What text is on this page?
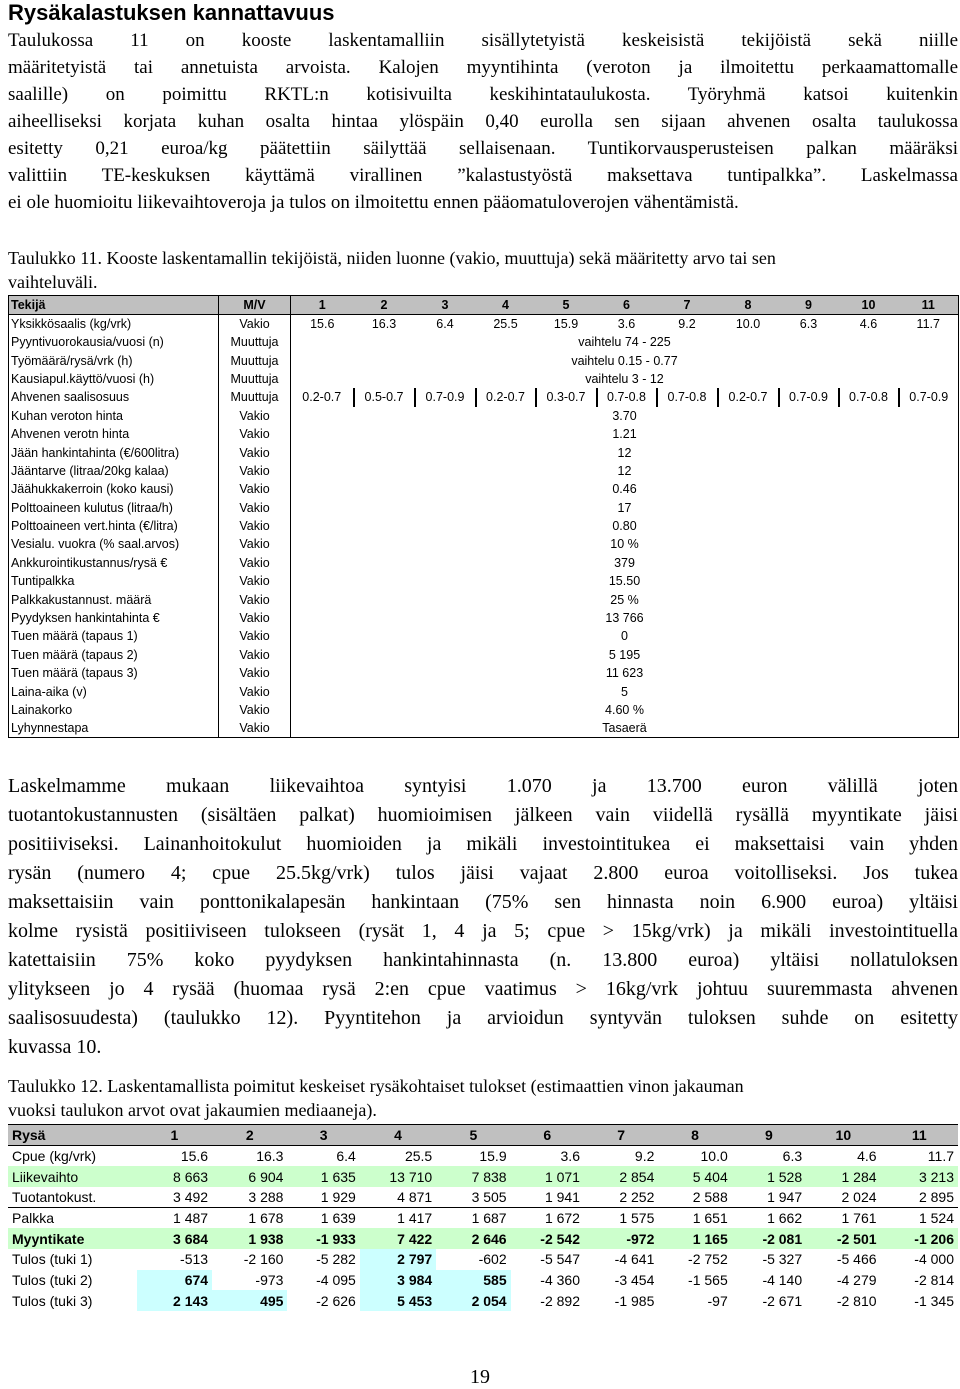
Rysäkalastuksen kannattavuus
Taulukossa 11 on kooste laskentamalliin sisällytetyistä keskeisistä tekijöistä sekä niille
määritetyistä tai annetuista arvoista. Kalojen myyntihinta (veroton ja ilmoitettu perkaamattomalle
saalille) on poimittu RKTL:n kotisivuilta keskihintataulukosta. Työryhmä katsoi kuitenkin
aiheelliseksi korjata kuhan osalta hintaa ylöspäin 0,40 eurolla sen sijaan ahvenen osalta taulukossa
esitetty 0,21 euroa/kg päätettiin säilyttää sellaisenaan. Tuntikorvausperusteisen palkan määräksi
valittiin TE-keskuksen käyttämä virallinen ”kalastustyöstä maksettava tuntipalkka”. Laskelmassa
ei ole huomioitu liikevaihtoveroja ja tulos on ilmoitettu ennen pääomatuloverojen vähentämistä.
Taulukko 11. Kooste laskentamallin tekijöistä, niiden luonne (vakio, muuttuja) sekä määritetty arvo tai sen
vaihteluväli.
Tekijä	M/V	1	2	3	4	5	6	7	8	9	10	11
Yksikkösaalis (kg/vrk)	Vakio	15.6	16.3	6.4	25.5	15.9	3.6	9.2	10.0	6.3	4.6	11.7
Pyyntivuorokausia/vuosi (n)	Muuttuja	vaihtelu 74 - 225										
Työmäärä/rysä/vrk (h)	Muuttuja	vaihtelu 0.15 - 0.77										
Kausiapul.käyttö/vuosi (h)	Muuttuja	vaihtelu 3 - 12										
Ahvenen saalisosuus	Muuttuja	0.2-0.7	0.5-0.7	0.7-0.9	0.2-0.7	0.3-0.7	0.7-0.8	0.7-0.8	0.2-0.7	0.7-0.9	0.7-0.8	0.7-0.9
Kuhan veroton hinta	Vakio	3.70										
Ahvenen verotn hinta	Vakio	1.21										
Jään hankintahinta (€/600litra)	Vakio	12										
Jääntarve (litraa/20kg kalaa)	Vakio	12										
Jäähukkakerroin (koko kausi)	Vakio	0.46										
Polttoaineen kulutus (litraa/h)	Vakio	17										
Polttoaineen vert.hinta (€/litra)	Vakio	0.80										
Vesialu. vuokra (% saal.arvos)	Vakio	10 %										
Ankkurointikustannus/rysä €	Vakio	379										
Tuntipalkka	Vakio	15.50										
Palkkakustannust. määrä	Vakio	25 %										
Pyydyksen hankintahinta €	Vakio	13 766										
Tuen määrä (tapaus 1)	Vakio	0										
Tuen määrä (tapaus 2)	Vakio	5 195										
Tuen määrä (tapaus 3)	Vakio	11 623										
Laina-aika (v)	Vakio	5										
Lainakorko	Vakio	4.60 %										
Lyhynnestapa	Vakio	Tasaerä										
Laskelmamme mukaan liikevaihtoa syntyisi 1.070 ja 13.700 euron välillä joten
tuotantokustannusten (sisältäen palkat) huomioimisen jälkeen vain viidellä rysällä myyntikate jäisi
positiiviseksi. Lainanhoitokulut huomioiden ja mikäli investointitukea ei maksettaisi vain yhden
rysän (numero 4; cpue 25.5kg/vrk) tulos jäisi vajaat 2.800 euroa voitolliseksi. Jos tukea
maksettaisiin vain ponttonikalapesän hankintaan (75% sen hinnasta noin 6.900 euroa) yltäisi
kolme rysistä positiiviseen tulokseen (rysät 1, 4 ja 5; cpue > 15kg/vrk) ja mikäli investointituella
katettaisiin 75% koko pyydyksen hankintahinnasta (n. 13.800 euroa) yltäisi nollatuloksen
ylitykseen jo 4 rysää (huomaa rysä 2:en cpue vaatimus > 16kg/vrk johtuu suuremmasta ahvenen
saalisosuudesta) (taulukko 12). Pyyntitehon ja arvioidun syntyvän tuloksen suhde on esitetty
kuvassa 10.
Taulukko 12. Laskentamallista poimitut keskeiset rysäkohtaiset tulokset (estimaattien vinon jakauman
vuoksi taulukon arvot ovat jakaumien mediaaneja).
Rysä	1	2	3	4	5	6	7	8	9	10	11
Cpue (kg/vrk)	15.6	16.3	6.4	25.5	15.9	3.6	9.2	10.0	6.3	4.6	11.7
Liikevaihto	8 663	6 904	1 635	13 710	7 838	1 071	2 854	5 404	1 528	1 284	3 213
Tuotantokust.	3 492	3 288	1 929	4 871	3 505	1 941	2 252	2 588	1 947	2 024	2 895
Palkka	1 487	1 678	1 639	1 417	1 687	1 672	1 575	1 651	1 662	1 761	1 524
Myyntikate	3 684	1 938	-1 933	7 422	2 646	-2 542	-972	1 165	-2 081	-2 501	-1 206
Tulos (tuki 1)	-513	-2 160	-5 282	2 797	-602	-5 547	-4 641	-2 752	-5 327	-5 466	-4 000
Tulos (tuki 2)	674	-973	-4 095	3 984	585	-4 360	-3 454	-1 565	-4 140	-4 279	-2 814
Tulos (tuki 3)	2 143	495	-2 626	5 453	2 054	-2 892	-1 985	-97	-2 671	-2 810	-1 345
19
